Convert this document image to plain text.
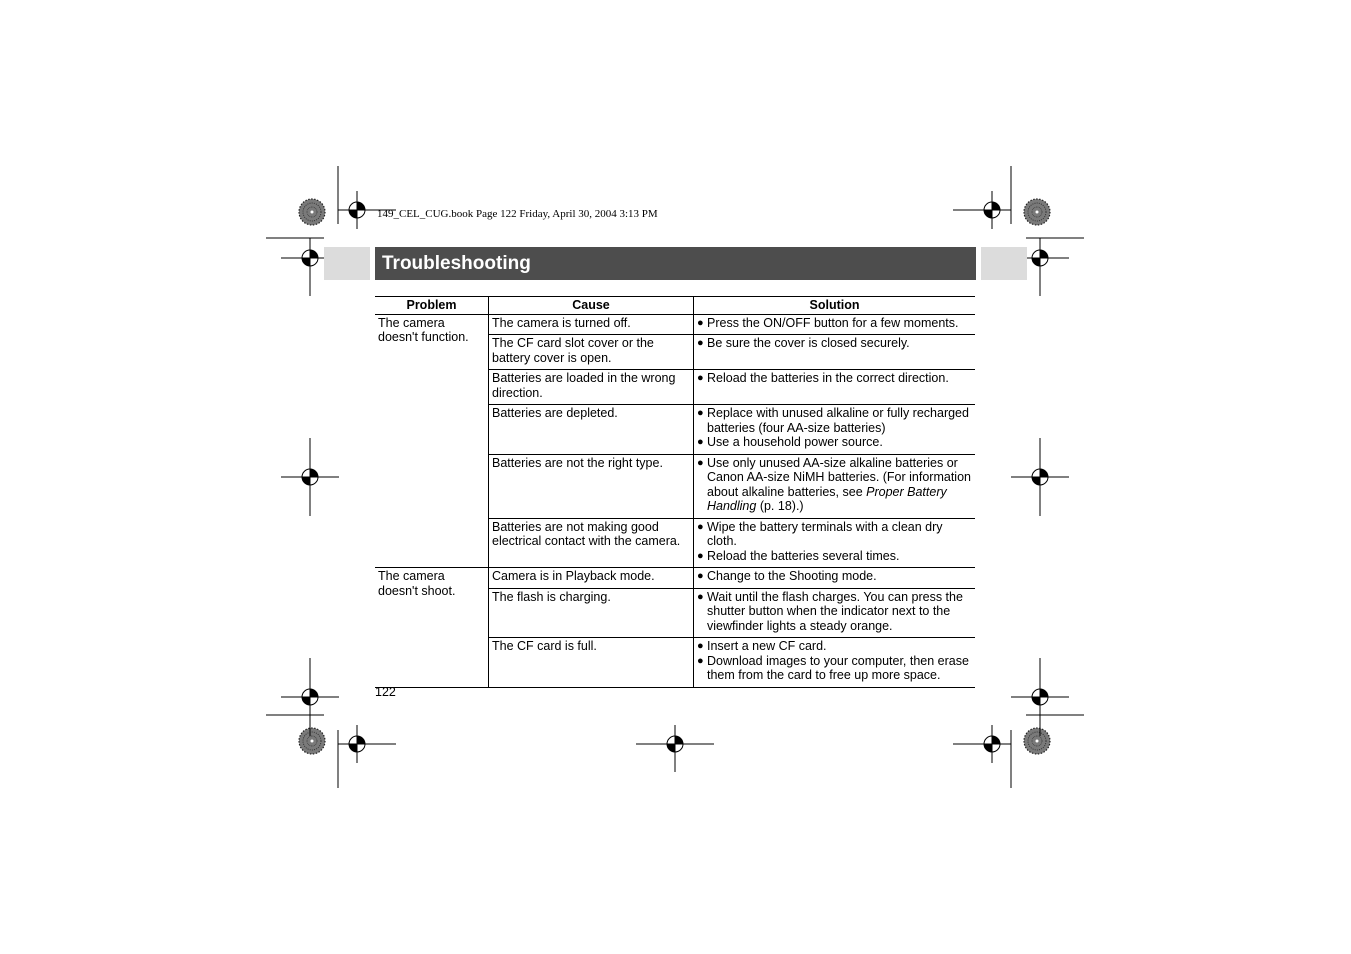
149_CEL_CUG.book Page 122 Friday, April 30, 2004 3:13 PM
Troubleshooting
Problem	Cause	Solution
The camera doesn't function.	The camera is turned off.	● Press the ON/OFF button for a few moments.

	The CF card slot cover or the battery cover is open.	● Be sure the cover is closed securely.

	Batteries are loaded in the wrong direction.	● Reload the batteries in the correct direction.

	Batteries are depleted.	● Replace with unused alkaline or fully recharged batteries (four AA-size batteries)
● Use a household power source.

	Batteries are not the right type.	● Use only unused AA-size alkaline batteries or Canon AA-size NiMH batteries. (For information about alkaline batteries, see Proper Battery Handling (p. 18).)

	Batteries are not making good electrical contact with the camera.	● Wipe the battery terminals with a clean dry cloth.
● Reload the batteries several times.

The camera doesn't shoot.	Camera is in Playback mode.	● Change to the Shooting mode.

	The flash is charging.	● Wait until the flash charges. You can press the shutter button when the indicator next to the viewfinder lights a steady orange.

	The CF card is full.	● Insert a new CF card.
● Download images to your computer, then erase them from the card to free up more space.
122
